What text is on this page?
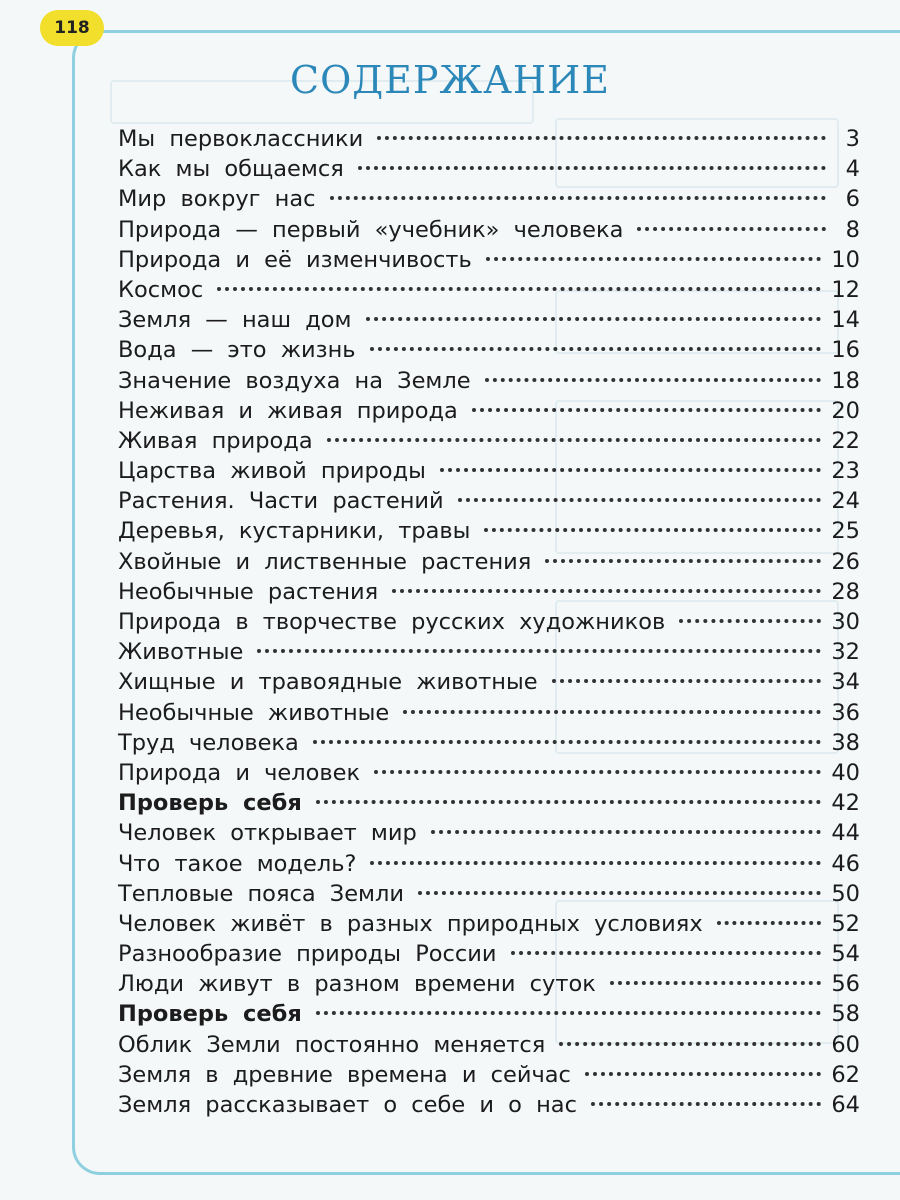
118
СОДЕРЖАНИЕ
Мы первоклассники	3
Как мы общаемся	4
Мир вокруг нас	6
Природа — первый «учебник» человека	8
Природа и её изменчивость	10
Космос	12
Земля — наш дом	14
Вода — это жизнь	16
Значение воздуха на Земле	18
Неживая и живая природа	20
Живая природа	22
Царства живой природы	23
Растения. Части растений	24
Деревья, кустарники, травы	25
Хвойные и лиственные растения	26
Необычные растения	28
Природа в творчестве русских художников	30
Животные	32
Хищные и травоядные животные	34
Необычные животные	36
Труд человека	38
Природа и человек	40
Проверь себя	42
Человек открывает мир	44
Что такое модель?	46
Тепловые пояса Земли	50
Человек живёт в разных природных условиях	52
Разнообразие природы России	54
Люди живут в разном времени суток	56
Проверь себя	58
Облик Земли постоянно меняется	60
Земля в древние времена и сейчас	62
Земля рассказывает о себе и о нас	64
